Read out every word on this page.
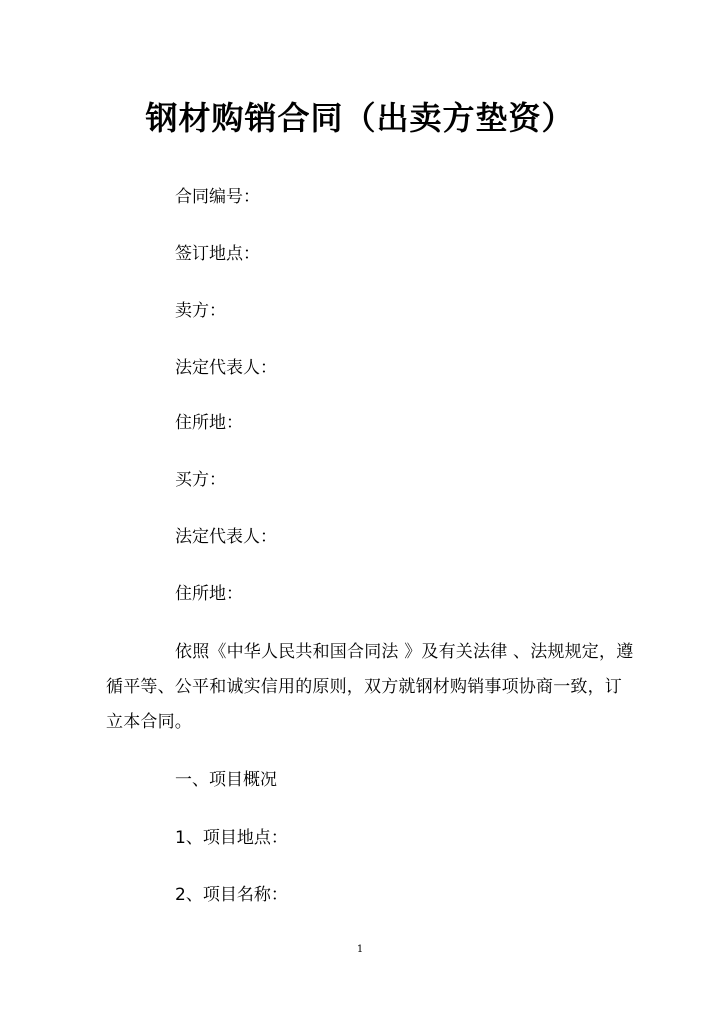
钢材购销合同（出卖方垫资）
合同编号：
签订地点：
卖方：
法定代表人：
住所地：
买方：
法定代表人：
住所地：
依照《中华人民共和国合同法 》及有关法律 、法规规定，遵
循平等、公平和诚实信用的原则，双方就钢材购销事项协商一致，订
立本合同。
一、项目概况
1、项目地点：
2、项目名称：
1
